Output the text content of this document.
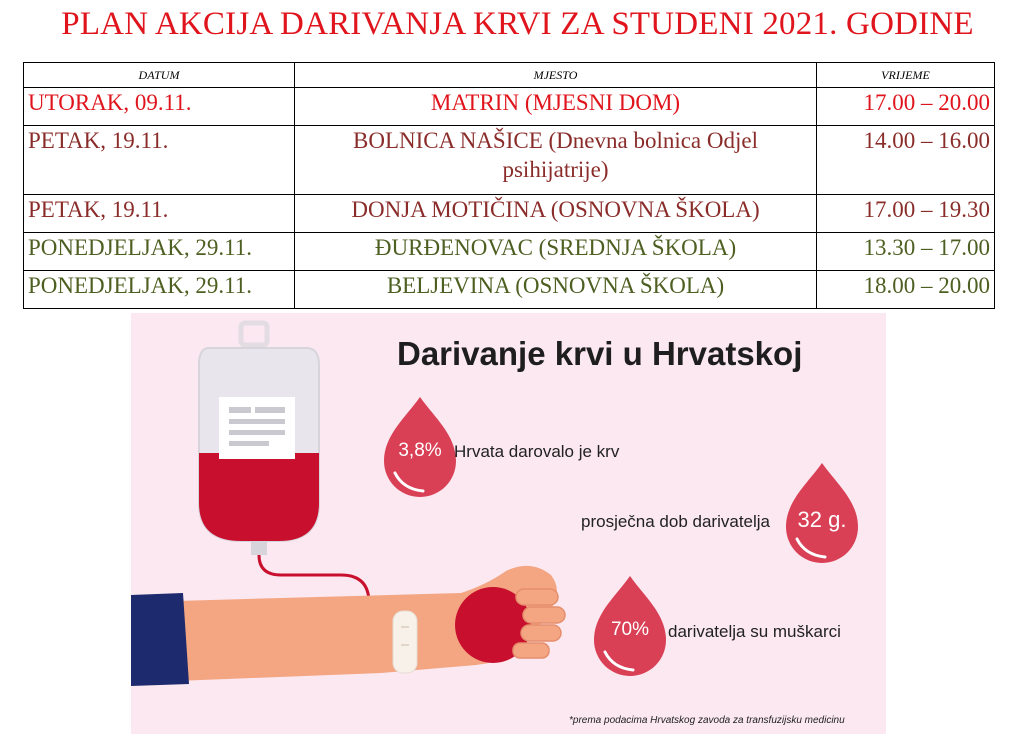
PLAN AKCIJA DARIVANJA KRVI ZA STUDENI 2021. GODINE
DATUM	MJESTO	VRIJEME
UTORAK, 09.11.	MATRIN (MJESNI DOM)	17.00 – 20.00
PETAK, 19.11.	BOLNICA NAŠICE (Dnevna bolnica Odjel psihijatrije)	14.00 – 16.00
PETAK, 19.11.	DONJA MOTIČINA (OSNOVNA ŠKOLA)	17.00 – 19.30
PONEDJELJAK, 29.11.	ĐURĐENOVAC (SREDNJA ŠKOLA)	13.30 – 17.00
PONEDJELJAK, 29.11.	BELJEVINA (OSNOVNA ŠKOLA)	18.00 – 20.00
Darivanje krvi u Hrvatskoj
3,8% Hrvata darovalo je krv
prosječna dob darivatelja 32 g.
70%	darivatelja su muškarci
*prema podacima Hrvatskog zavoda za transfuzijsku medicinu
